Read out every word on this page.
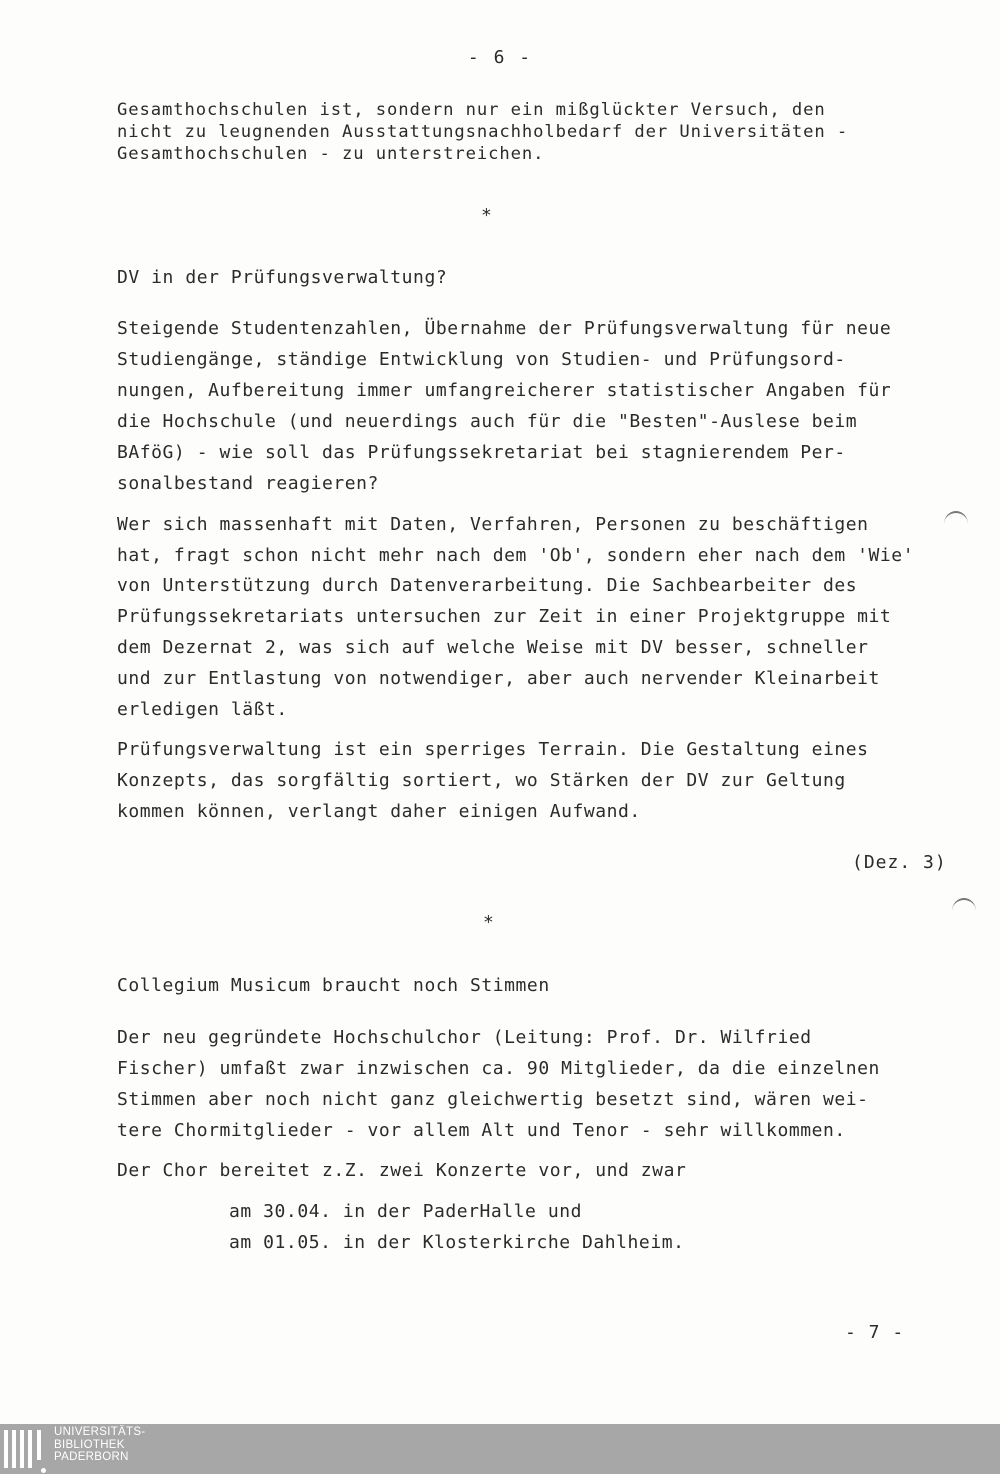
- 6 -
Gesamthochschulen ist, sondern nur ein mißglückter Versuch, den
nicht zu leugnenden Ausstattungsnachholbedarf der Universitäten -
Gesamthochschulen - zu unterstreichen.
*
DV in der Prüfungsverwaltung?
Steigende Studentenzahlen, Übernahme der Prüfungsverwaltung für neue
Studiengänge, ständige Entwicklung von Studien- und Prüfungsord-
nungen, Aufbereitung immer umfangreicherer statistischer Angaben für
die Hochschule (und neuerdings auch für die "Besten"-Auslese beim
BAföG) - wie soll das Prüfungssekretariat bei stagnierendem Per-
sonalbestand reagieren?
Wer sich massenhaft mit Daten, Verfahren, Personen zu beschäftigen
hat, fragt schon nicht mehr nach dem 'Ob', sondern eher nach dem 'Wie'
von Unterstützung durch Datenverarbeitung. Die Sachbearbeiter des
Prüfungssekretariats untersuchen zur Zeit in einer Projektgruppe mit
dem Dezernat 2, was sich auf welche Weise mit DV besser, schneller
und zur Entlastung von notwendiger, aber auch nervender Kleinarbeit
erledigen läßt.
Prüfungsverwaltung ist ein sperriges Terrain. Die Gestaltung eines
Konzepts, das sorgfältig sortiert, wo Stärken der DV zur Geltung
kommen können, verlangt daher einigen Aufwand.
(Dez. 3)
*
Collegium Musicum braucht noch Stimmen
Der neu gegründete Hochschulchor (Leitung: Prof. Dr. Wilfried
Fischer) umfaßt zwar inzwischen ca. 90 Mitglieder, da die einzelnen
Stimmen aber noch nicht ganz gleichwertig besetzt sind, wären wei-
tere Chormitglieder - vor allem Alt und Tenor - sehr willkommen.
Der Chor bereitet z.Z. zwei Konzerte vor, und zwar
am 30.04. in der PaderHalle und
am 01.05. in der Klosterkirche Dahlheim.
- 7 -
UNIVERSITÄTS-
BIBLIOTHEK
PADERBORN
